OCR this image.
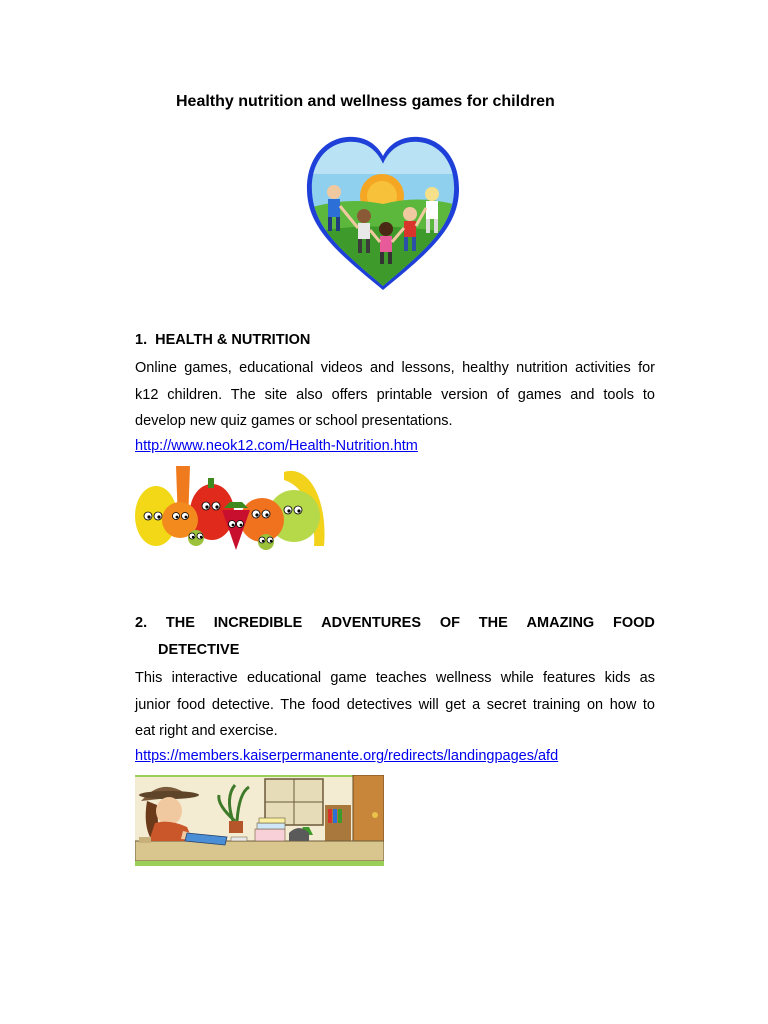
Healthy nutrition and wellness games for children
1. HEALTH & NUTRITION
Online games, educational videos and lessons, healthy nutrition activities for
k12 children. The site also offers printable version of games and tools to
develop new quiz games or school presentations.
http://www.neok12.com/Health-Nutrition.htm
2. THE INCREDIBLE ADVENTURES OF THE AMAZING FOOD
DETECTIVE
This interactive educational game teaches wellness while features kids as
junior food detective. The food detectives will get a secret training on how to
eat right and exercise.
https://members.kaiserpermanente.org/redirects/landingpages/afd
